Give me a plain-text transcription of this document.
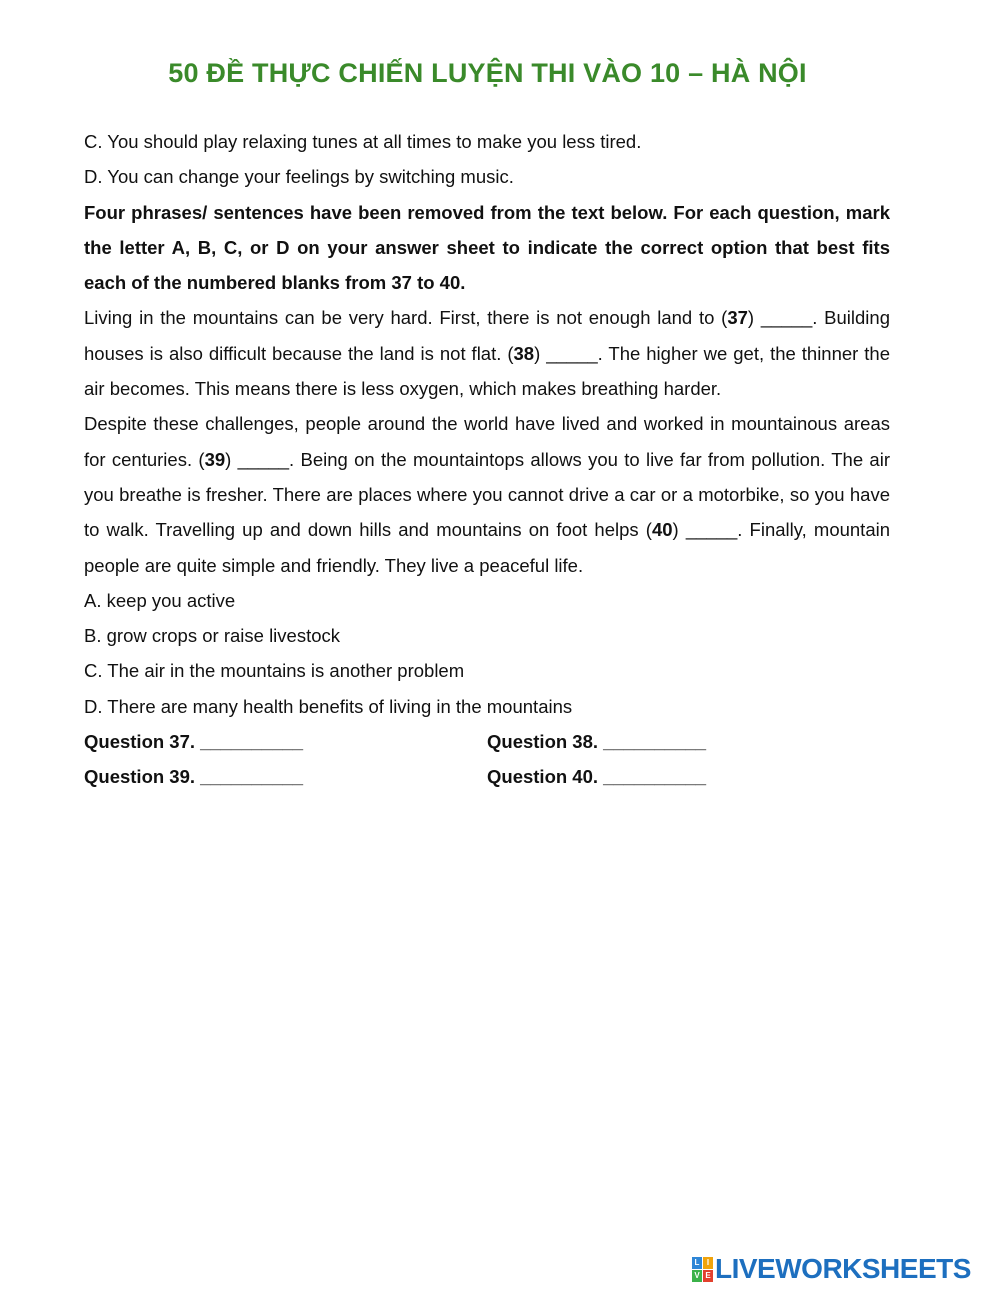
50 ĐỀ THỰC CHIẾN LUYỆN THI VÀO 10 – HÀ NỘI

C. You should play relaxing tunes at all times to make you less tired.

D. You can change your feelings by switching music.

Four phrases/ sentences have been removed from the text below. For each question, mark the letter A, B, C, or D on your answer sheet to indicate the correct option that best fits each of the numbered blanks from 37 to 40.

Living in the mountains can be very hard. First, there is not enough land to (37) _____. Building houses is also difficult because the land is not flat. (38) _____. The higher we get, the thinner the air becomes. This means there is less oxygen, which makes breathing harder.

Despite these challenges, people around the world have lived and worked in mountainous areas for centuries. (39) _____. Being on the mountaintops allows you to live far from pollution. The air you breathe is fresher. There are places where you cannot drive a car or a motorbike, so you have to walk. Travelling up and down hills and mountains on foot helps (40) _____. Finally, mountain people are quite simple and friendly. They live a peaceful life.

A. keep you active

B. grow crops or raise livestock

C. The air in the mountains is another problem

D. There are many health benefits of living in the mountains

Question 37. __________	Question 38. __________
Question 39. __________	Question 40. __________
L I
V E LIVEWORKSHEETS
